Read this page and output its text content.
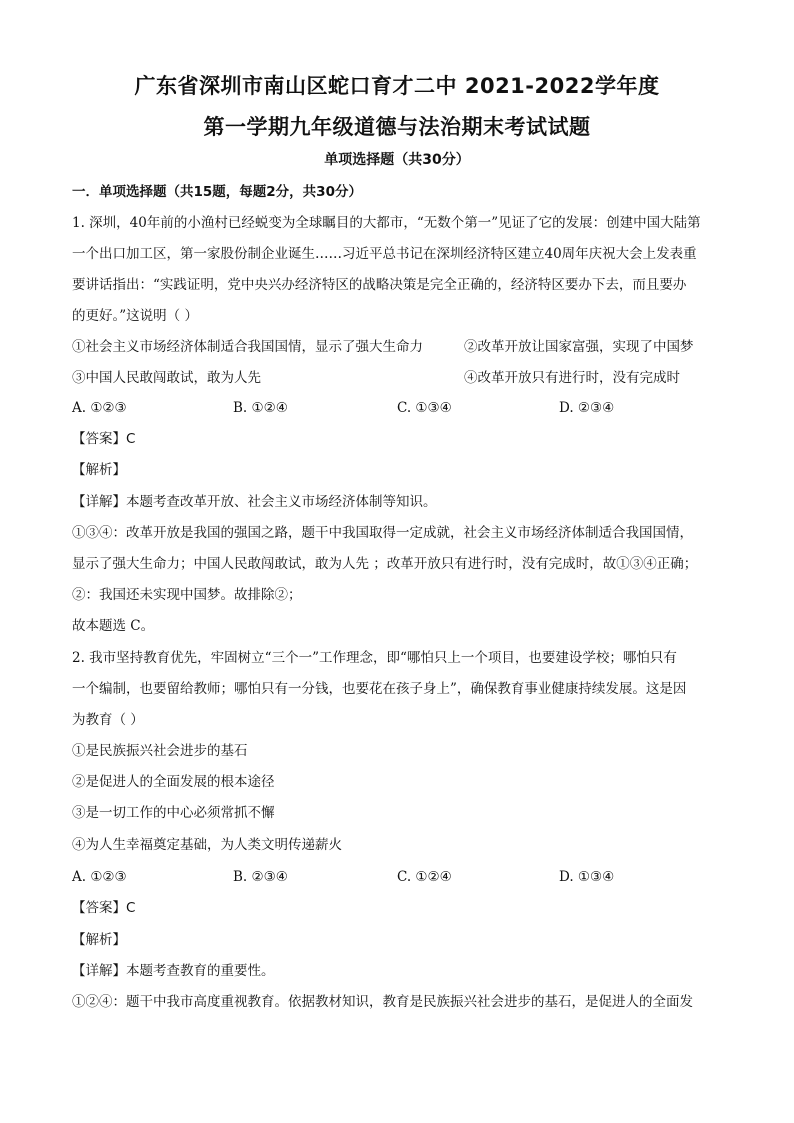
广东省深圳市南山区蛇口育才二中 2021-2022学年度
第一学期九年级道德与法治期末考试试题
单项选择题（共30分）
一．单项选择题（共15题，每题2分，共30分）
1. 深圳，40年前的小渔村已经蜕变为全球瞩目的大都市，“无数个第一”见证了它的发展：创建中国大陆第
一个出口加工区，第一家股份制企业诞生……习近平总书记在深圳经济特区建立40周年庆祝大会上发表重
要讲话指出：“实践证明，党中央兴办经济特区的战略决策是完全正确的，经济特区要办下去，而且要办
的更好。”这说明（ ）
①社会主义市场经济体制适合我国国情，显示了强大生命力	②改革开放让国家富强，实现了中国梦
③中国人民敢闯敢试，敢为人先	④改革开放只有进行时，没有完成时
A. ①②③	B. ①②④	C. ①③④	D. ②③④
【答案】C
【解析】
【详解】本题考查改革开放、社会主义市场经济体制等知识。
①③④：改革开放是我国的强国之路，题干中我国取得一定成就，社会主义市场经济体制适合我国国情，
显示了强大生命力；中国人民敢闯敢试，敢为人先 ；改革开放只有进行时，没有完成时，故①③④正确；
②：我国还未实现中国梦。故排除②；
故本题选 C。
2. 我市坚持教育优先，牢固树立“三个一”工作理念，即“哪怕只上一个项目，也要建设学校；哪怕只有
一个编制，也要留给教师；哪怕只有一分钱，也要花在孩子身上”，确保教育事业健康持续发展。这是因
为教育（ ）
①是民族振兴社会进步的基石
②是促进人的全面发展的根本途径
③是一切工作的中心必须常抓不懈
④为人生幸福奠定基础，为人类文明传递薪火
A. ①②③	B. ②③④	C. ①②④	D. ①③④
【答案】C
【解析】
【详解】本题考查教育的重要性。
①②④：题干中我市高度重视教育。依据教材知识，教育是民族振兴社会进步的基石，是促进人的全面发
